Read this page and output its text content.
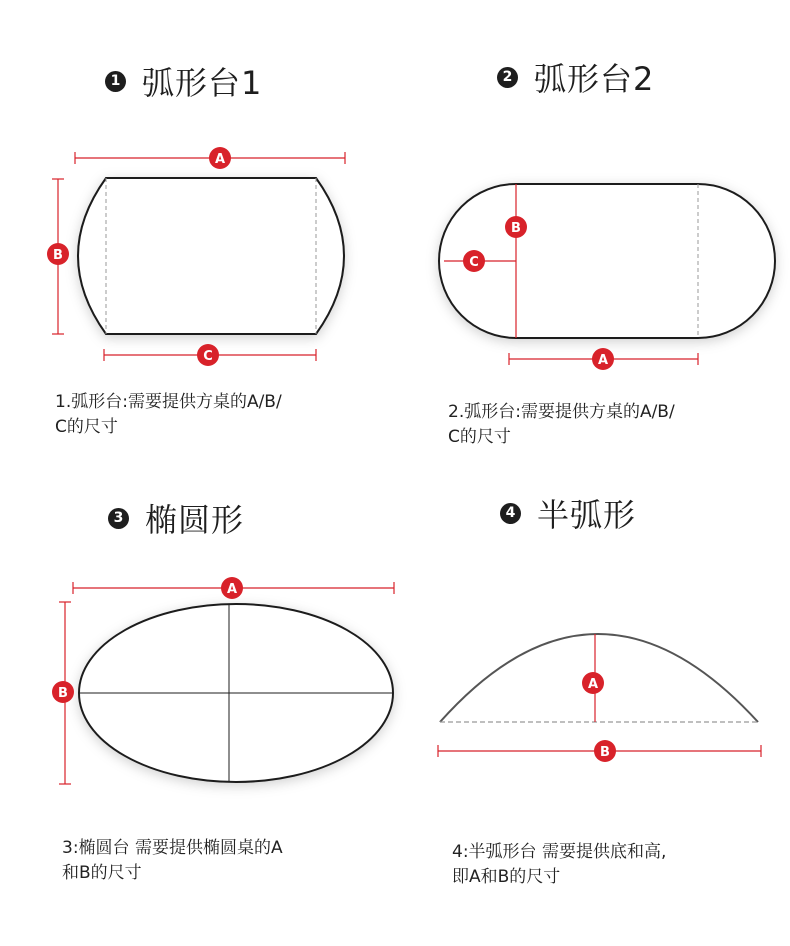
1 弧形台1	2 弧形台2
3 椭圆形	4 半弧形
1.弧形台:需要提供方桌的A/B/
C的尺寸
2.弧形台:需要提供方桌的A/B/
C的尺寸
3:椭圆台 需要提供椭圆桌的A
和B的尺寸
4:半弧形台 需要提供底和高,
即A和B的尺寸
A
B
C
B
C
A
A
B
A
B
